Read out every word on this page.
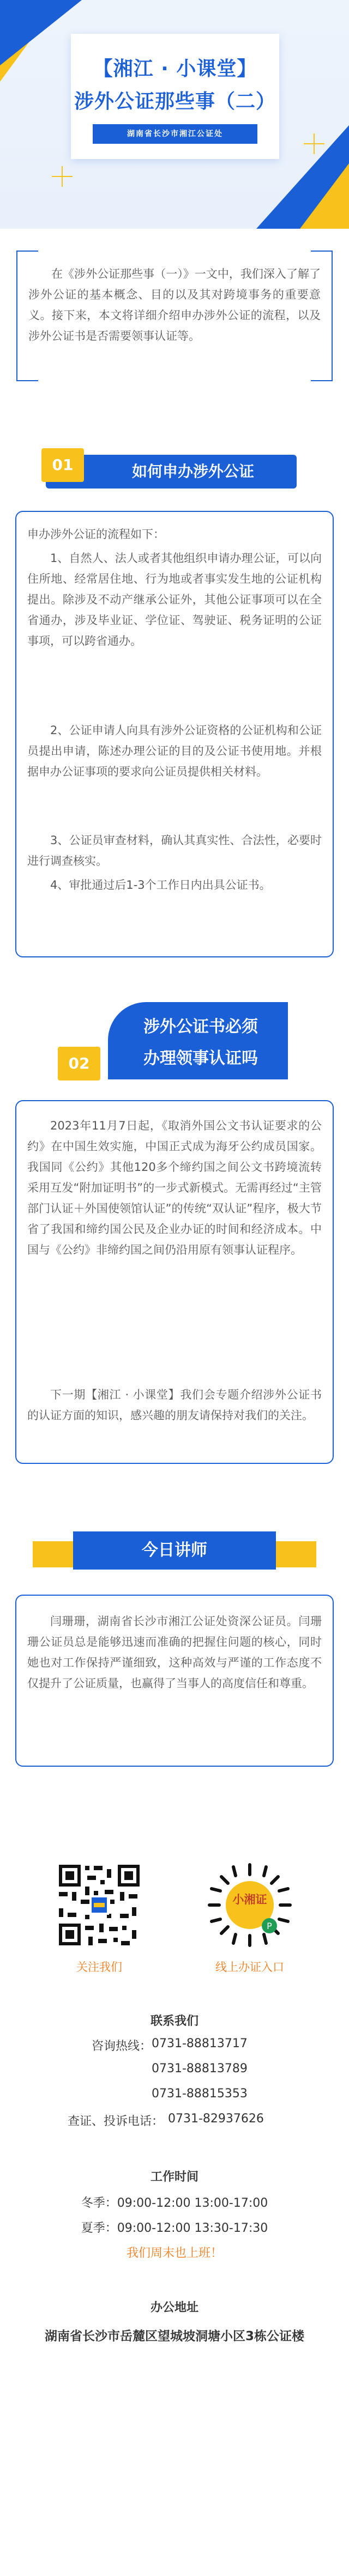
【湘江 · 小课堂】
涉外公证那些事（二）
湖南省长沙市湘江公证处

在《涉外公证那些事（一）》一文中，我们深入了解了涉外公证的基本概念、目的以及其对跨境事务的重要意义。接下来，本文将详细介绍申办涉外公证的流程，以及涉外公证书是否需要领事认证等。

01	如何申办涉外公证

申办涉外公证的流程如下：

1、自然人、法人或者其他组织申请办理公证，可以向住所地、经常居住地、行为地或者事实发生地的公证机构提出。除涉及不动产继承公证外，其他公证事项可以在全省通办，涉及毕业证、学位证、驾驶证、税务证明的公证事项，可以跨省通办。

2、公证申请人向具有涉外公证资格的公证机构和公证员提出申请，陈述办理公证的目的及公证书使用地。并根据申办公证事项的要求向公证员提供相关材料。

3、公证员审查材料，确认其真实性、合法性，必要时进行调查核实。

4、审批通过后1-3个工作日内出具公证书。

涉外公证书必须
办理领事认证吗
02

2023年11月7日起，《取消外国公文书认证要求的公约》在中国生效实施，中国正式成为海牙公约成员国家。我国同《公约》其他120多个缔约国之间公文书跨境流转采用互发“附加证明书”的一步式新模式。无需再经过“主管部门认证＋外国使领馆认证”的传统“双认证”程序，极大节省了我国和缔约国公民及企业办证的时间和经济成本。中国与《公约》非缔约国之间仍沿用原有领事认证程序。

下一期【湘江 · 小课堂】我们会专题介绍涉外公证书的认证方面的知识，感兴趣的朋友请保持对我们的关注。

今日讲师

闫珊珊，湖南省长沙市湘江公证处资深公证员。闫珊珊公证员总是能够迅速而准确的把握住问题的核心，同时她也对工作保持严谨细致，这种高效与严谨的工作态度不仅提升了公证质量，也赢得了当事人的高度信任和尊重。

关注我们
P
小湘证
线上办证入口
联系我们
咨询热线： 0731-88813717
0731-88813789
0731-88815353
查证、投诉电话： 0731-82937626
工作时间
冬季：09:00-12:00 13:00-17:00
夏季：09:00-12:00 13:30-17:30
我们周末也上班！
办公地址
湖南省长沙市岳麓区望城坡洞塘小区3栋公证楼
